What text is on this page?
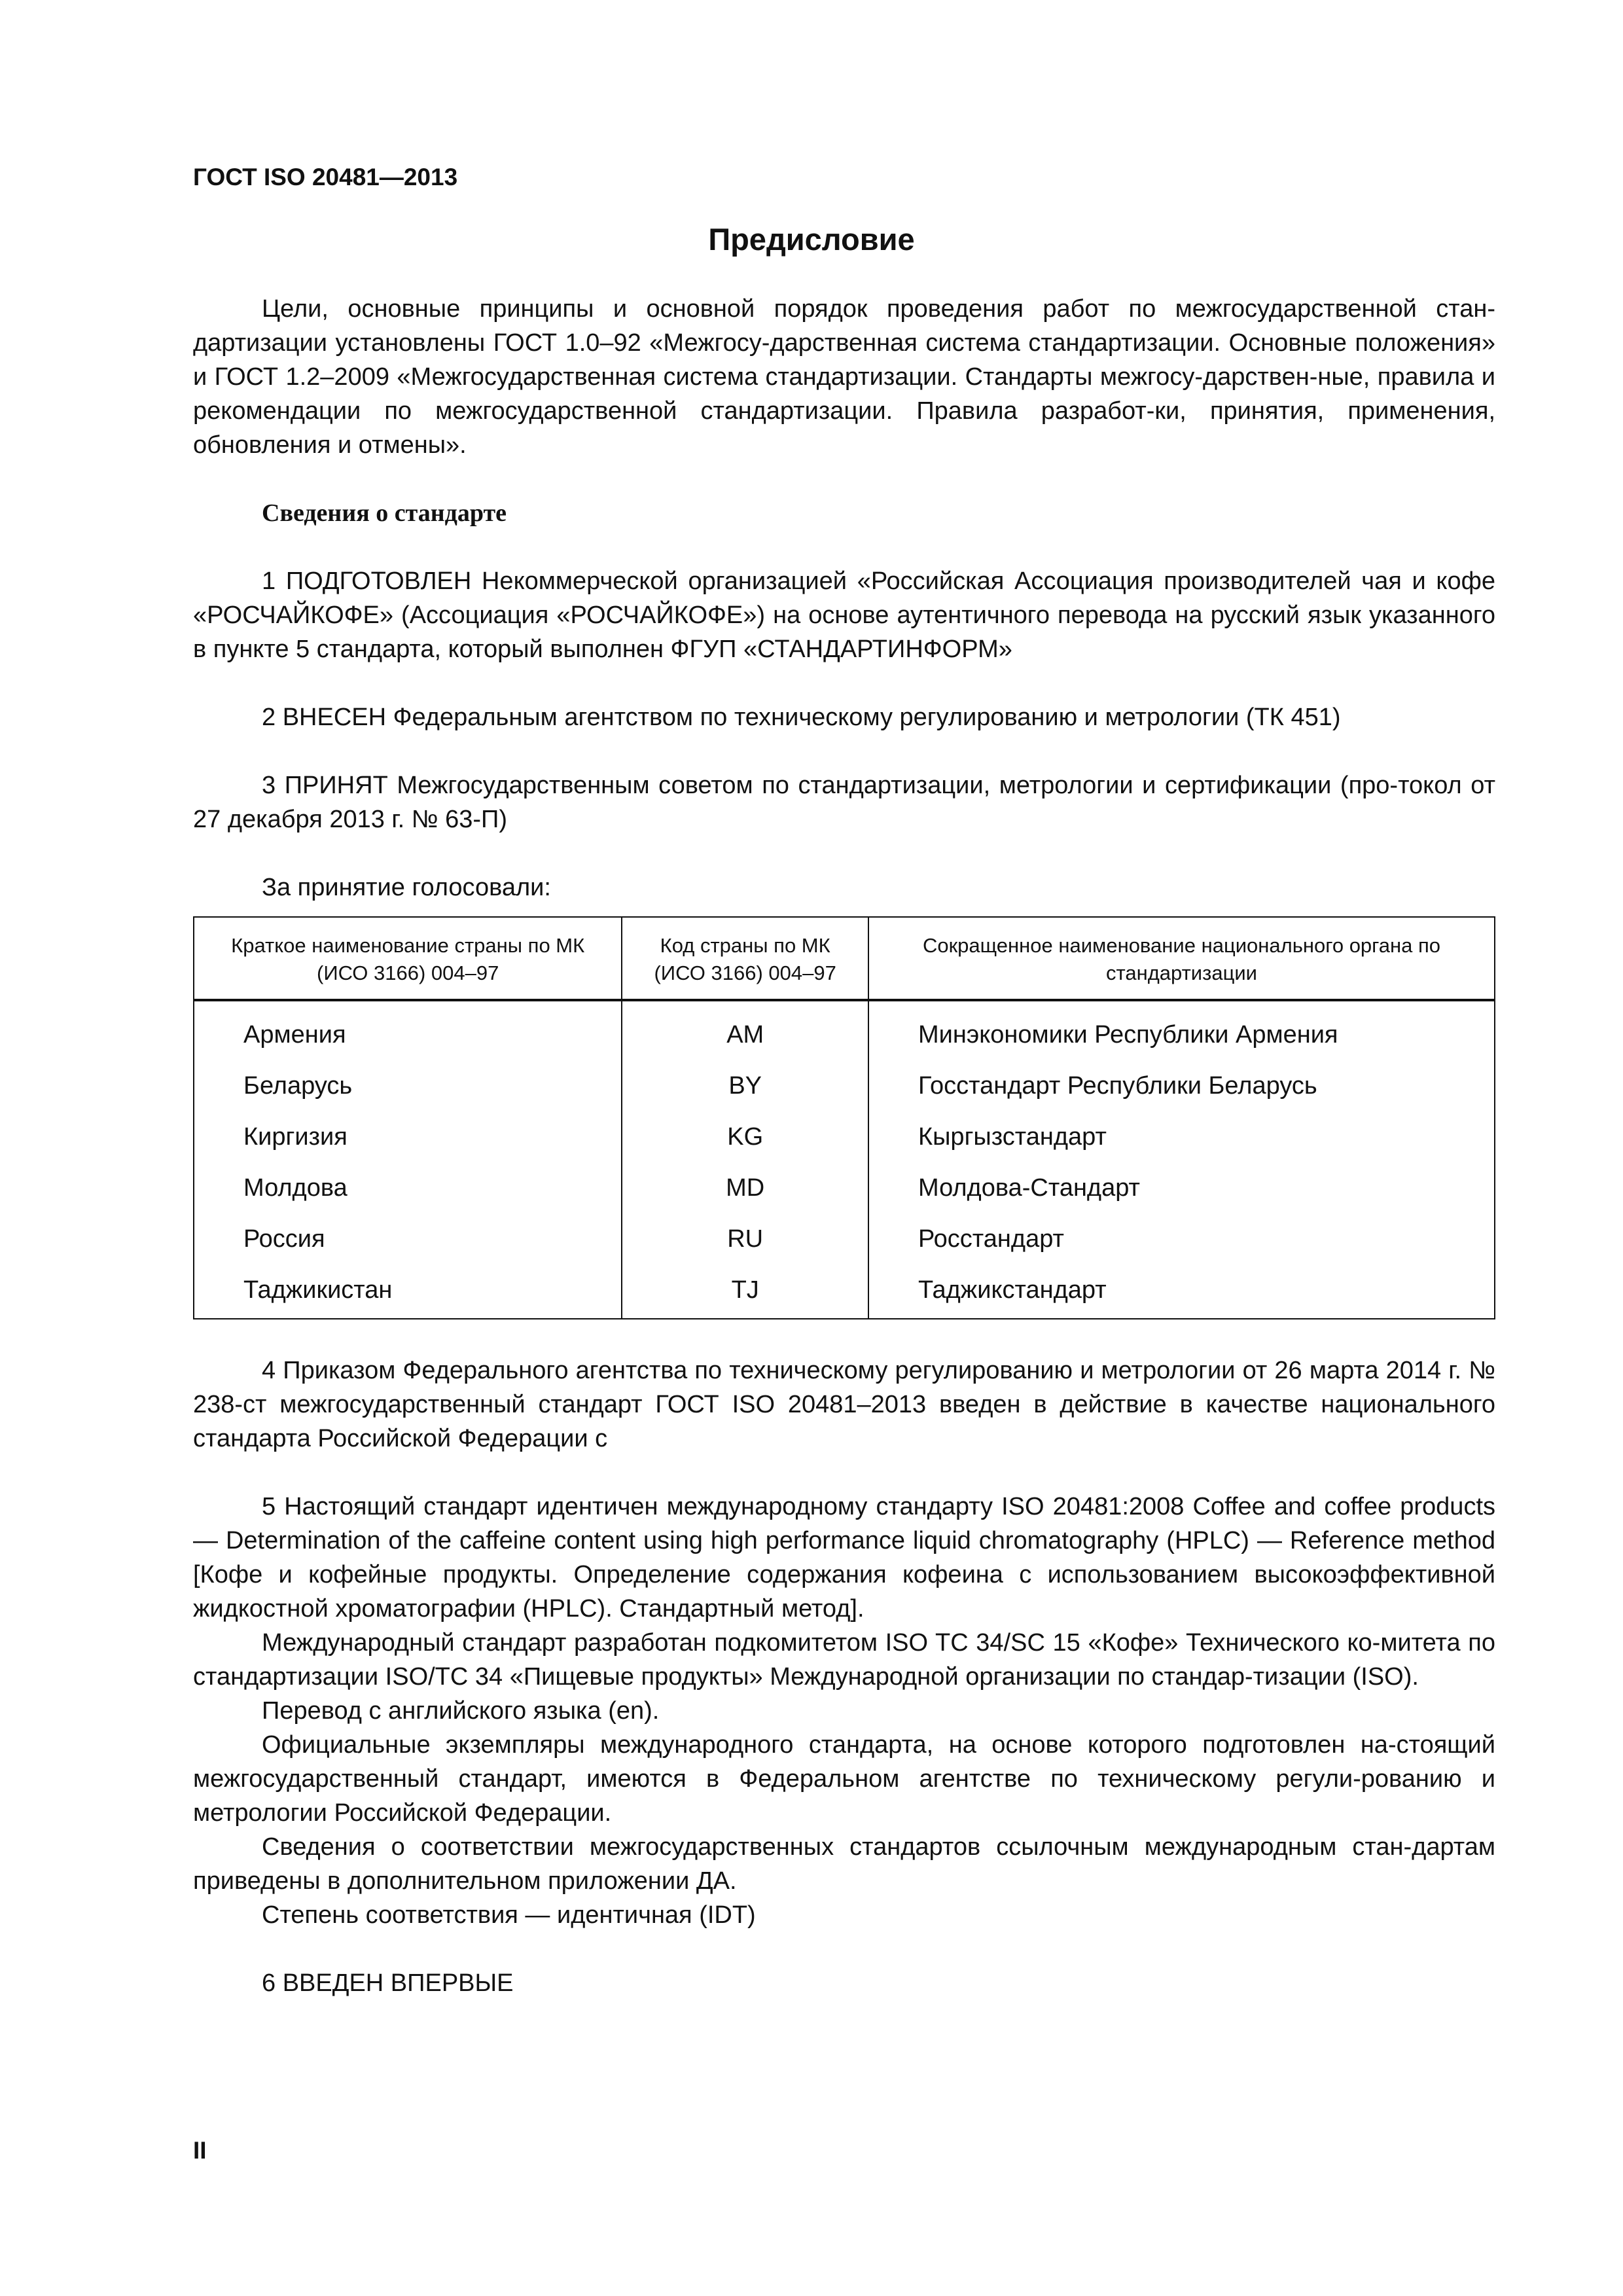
ГОСТ ISO 20481—2013

Предисловие

Цели, основные принципы и основной порядок проведения работ по межгосударственной стан-дартизации установлены ГОСТ 1.0–92 «Межгосу-дарственная система стандартизации. Основные положения» и ГОСТ 1.2–2009 «Межгосударственная система стандартизации. Стандарты межгосу-дарствен-ные, правила и рекомендации по межгосударственной стандартизации. Правила разработ-ки, принятия, применения, обновления и отмены».

Сведения о стандарте

1 ПОДГОТОВЛЕН Некоммерческой организацией «Российская Ассоциация производителей чая и кофе «РОСЧАЙКОФЕ» (Ассоциация «РОСЧАЙКОФЕ») на основе аутентичного перевода на русский язык указанного в пункте 5 стандарта, который выполнен ФГУП «СТАНДАРТИНФОРМ»

2 ВНЕСЕН Федеральным агентством по техническому регулированию и метрологии (ТК 451)

3 ПРИНЯТ Межгосударственным советом по стандартизации, метрологии и сертификации (про-токол от 27 декабря 2013 г. № 63-П)

За принятие голосовали:

Краткое наименование страны по МК (ИСО 3166) 004–97	Код страны по МК (ИСО 3166) 004–97	Сокращенное наименование национального органа по стандартизации
Армения	AM	Минэкономики Республики Армения
Беларусь	BY	Госстандарт Республики Беларусь
Киргизия	KG	Кыргызстандарт
Молдова	MD	Молдова-Стандарт
Россия	RU	Росстандарт
Таджикистан	TJ	Таджикстандарт

4 Приказом Федерального агентства по техническому регулированию и метрологии от 26 марта 2014 г. № 238-ст межгосударственный стандарт ГОСТ ISO 20481–2013 введен в действие в качестве национального стандарта Российской Федерации с

5 Настоящий стандарт идентичен международному стандарту ISO 20481:2008 Coffee and coffee products — Determination of the caffeine content using high performance liquid chromatography (HPLC) — Reference method [Кофе и кофейные продукты. Определение содержания кофеина с использованием высокоэффективной жидкостной хроматографии (HPLC). Стандартный метод].

Международный стандарт разработан подкомитетом ISO TC 34/SC 15 «Кофе» Технического ко-митета по стандартизации ISO/TC 34 «Пищевые продукты» Международной организации по стандар-тизации (ISO).

Перевод с английского языка (en).

Официальные экземпляры международного стандарта, на основе которого подготовлен на-стоящий межгосударственный стандарт, имеются в Федеральном агентстве по техническому регули-рованию и метрологии Российской Федерации.

Сведения о соответствии межгосударственных стандартов ссылочным международным стан-дартам приведены в дополнительном приложении ДА.

Степень соответствия — идентичная (IDT)

6 ВВЕДЕН ВПЕРВЫЕ

II
